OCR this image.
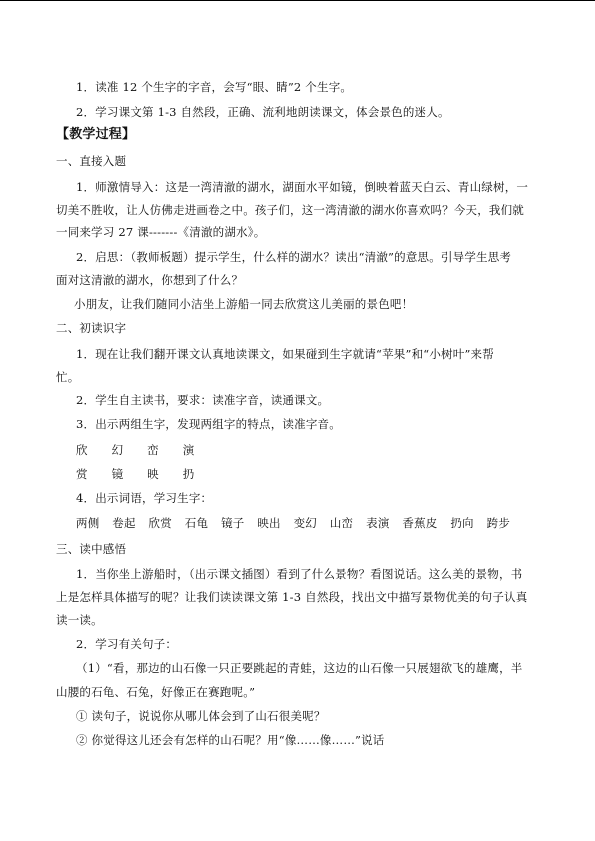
1．读准 12 个生字的字音，会写“眼、睛”2 个生字。
2．学习课文第 1-3 自然段，正确、流利地朗读课文，体会景色的迷人。
【教学过程】
一、直接入题
1．师激情导入：这是一湾清澈的湖水，湖面水平如镜，倒映着蓝天白云、青山绿树，一
切美不胜收，让人仿佛走进画卷之中。孩子们，这一湾清澈的湖水你喜欢吗？今天，我们就
一同来学习 27 课-------《清澈的湖水》。
2．启思：（教师板题）提示学生，什么样的湖水？读出“清澈”的意思。引导学生思考
面对这清澈的湖水，你想到了什么？
小朋友，让我们随同小洁坐上游船一同去欣赏这儿美丽的景色吧！
二、初读识字
1．现在让我们翻开课文认真地读课文，如果碰到生字就请“苹果”和“小树叶”来帮
忙。
2．学生自主读书，要求：读准字音，读通课文。
3．出示两组生字，发现两组字的特点，读准字音。
欣 幻 峦 演
赏 镜 映 扔
4．出示词语，学习生字：
两侧 卷起 欣赏 石龟 镜子 映出 变幻 山峦 表演 香蕉皮 扔向 跨步
三、读中感悟
1．当你坐上游船时，（出示课文插图）看到了什么景物？看图说话。这么美的景物，书
上是怎样具体描写的呢？让我们读读课文第 1-3 自然段，找出文中描写景物优美的句子认真
读一读。
2．学习有关句子：
（1）“看，那边的山石像一只正要跳起的青蛙，这边的山石像一只展翅欲飞的雄鹰，半
山腰的石龟、石兔，好像正在赛跑呢。”
① 读句子，说说你从哪儿体会到了山石很美呢？
② 你觉得这儿还会有怎样的山石呢？用“像……像……”说话
